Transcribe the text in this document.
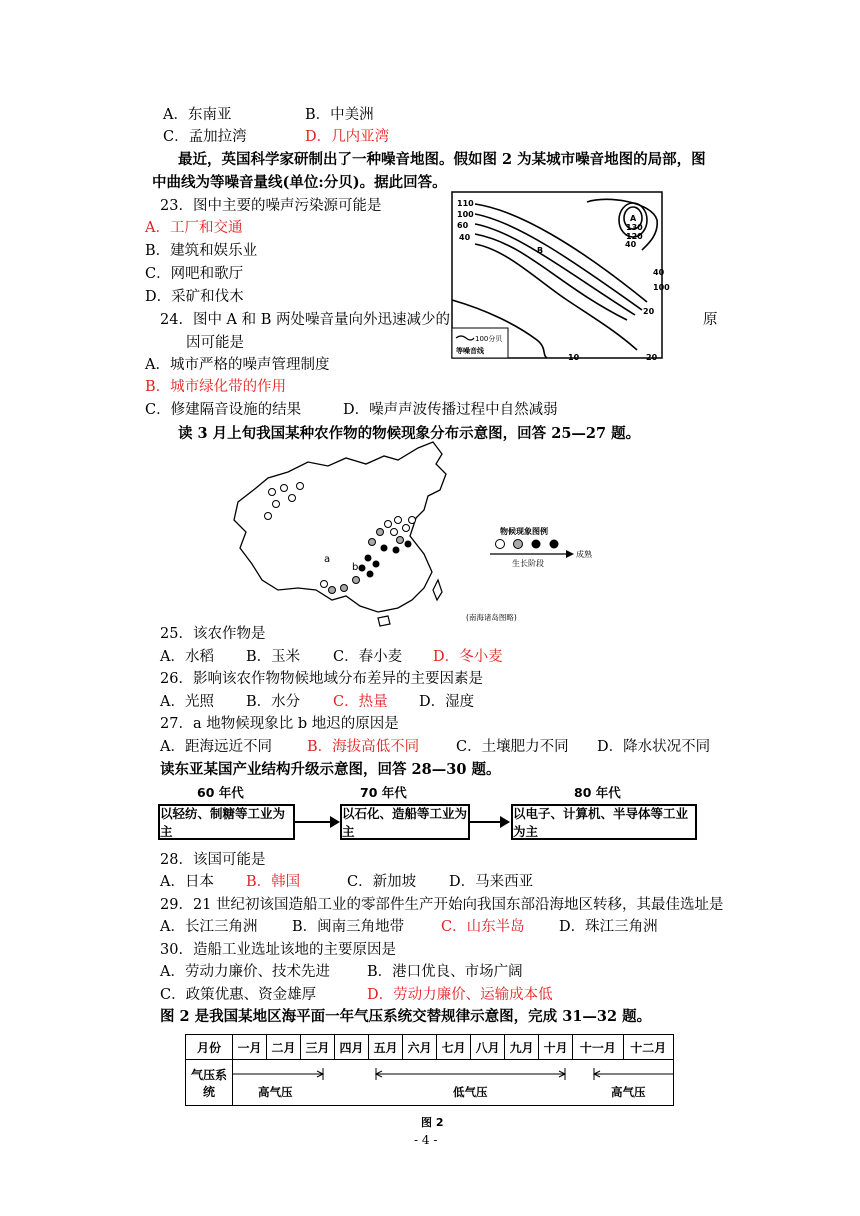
A．东南亚	B．中美洲
C．孟加拉湾	D．几内亚湾
最近，英国科学家研制出了一种噪音地图。假如图 2 为某城市噪音地图的局部，图
中曲线为等噪音量线(单位:分贝)。据此回答。
23．图中主要的噪声污染源可能是
A．工厂和交通
B．建筑和娱乐业
C．网吧和歌厅
D．采矿和伐木
24．图中 A 和 B 两处噪音量向外迅速减少的	原
因可能是
A．城市严格的噪声管理制度
B．城市绿化带的作用
C．修建隔音设施的结果	D．噪声声波传播过程中自然减弱
110
100
60
40
A
130
120
40
B
40
100
20
10
20
100分贝
等噪音线
读 3 月上旬我国某种农作物的物候现象分布示意图，回答 25—27 题。
a
b
物候现象图例
成熟
生长阶段
(南海诸岛图略)
25．该农作物是
A．水稻 B．玉米 C．春小麦 D．冬小麦
26．影响该农作物物候地域分布差异的主要因素是
A．光照 B．水分 C．热量 D．湿度
27．a 地物候现象比 b 地迟的原因是
A．距海远近不同 B．海拔高低不同	C．土壤肥力不同 D．降水状况不同
读东亚某国产业结构升级示意图，回答 28—30 题。
60 年代	70 年代	80 年代
以轻纺、制糖等工业为主
以石化、造船等工业为主
以电子、计算机、半导体等工业为主
28．该国可能是
A．日本 B．韩国	C．新加坡 D．马来西亚
29．21 世纪初该国造船工业的零部件生产开始向我国东部沿海地区转移，其最佳选址是
A．长江三角洲 B．闽南三角地带	C．山东半岛 D．珠江三角洲
30．造船工业选址该地的主要原因是
A．劳动力廉价、技术先进	B．港口优良、市场广阔
C．政策优惠、资金雄厚	D．劳动力廉价、运输成本低
图 2 是我国某地区海平面一年气压系统交替规律示意图，完成 31—32 题。
月份	一月	二月	三月	四月	五月	六月	七月	八月	九月	十月	十一月	十二月
气压系统	高气压 低气压 高气压											
图 2
- 4 -
